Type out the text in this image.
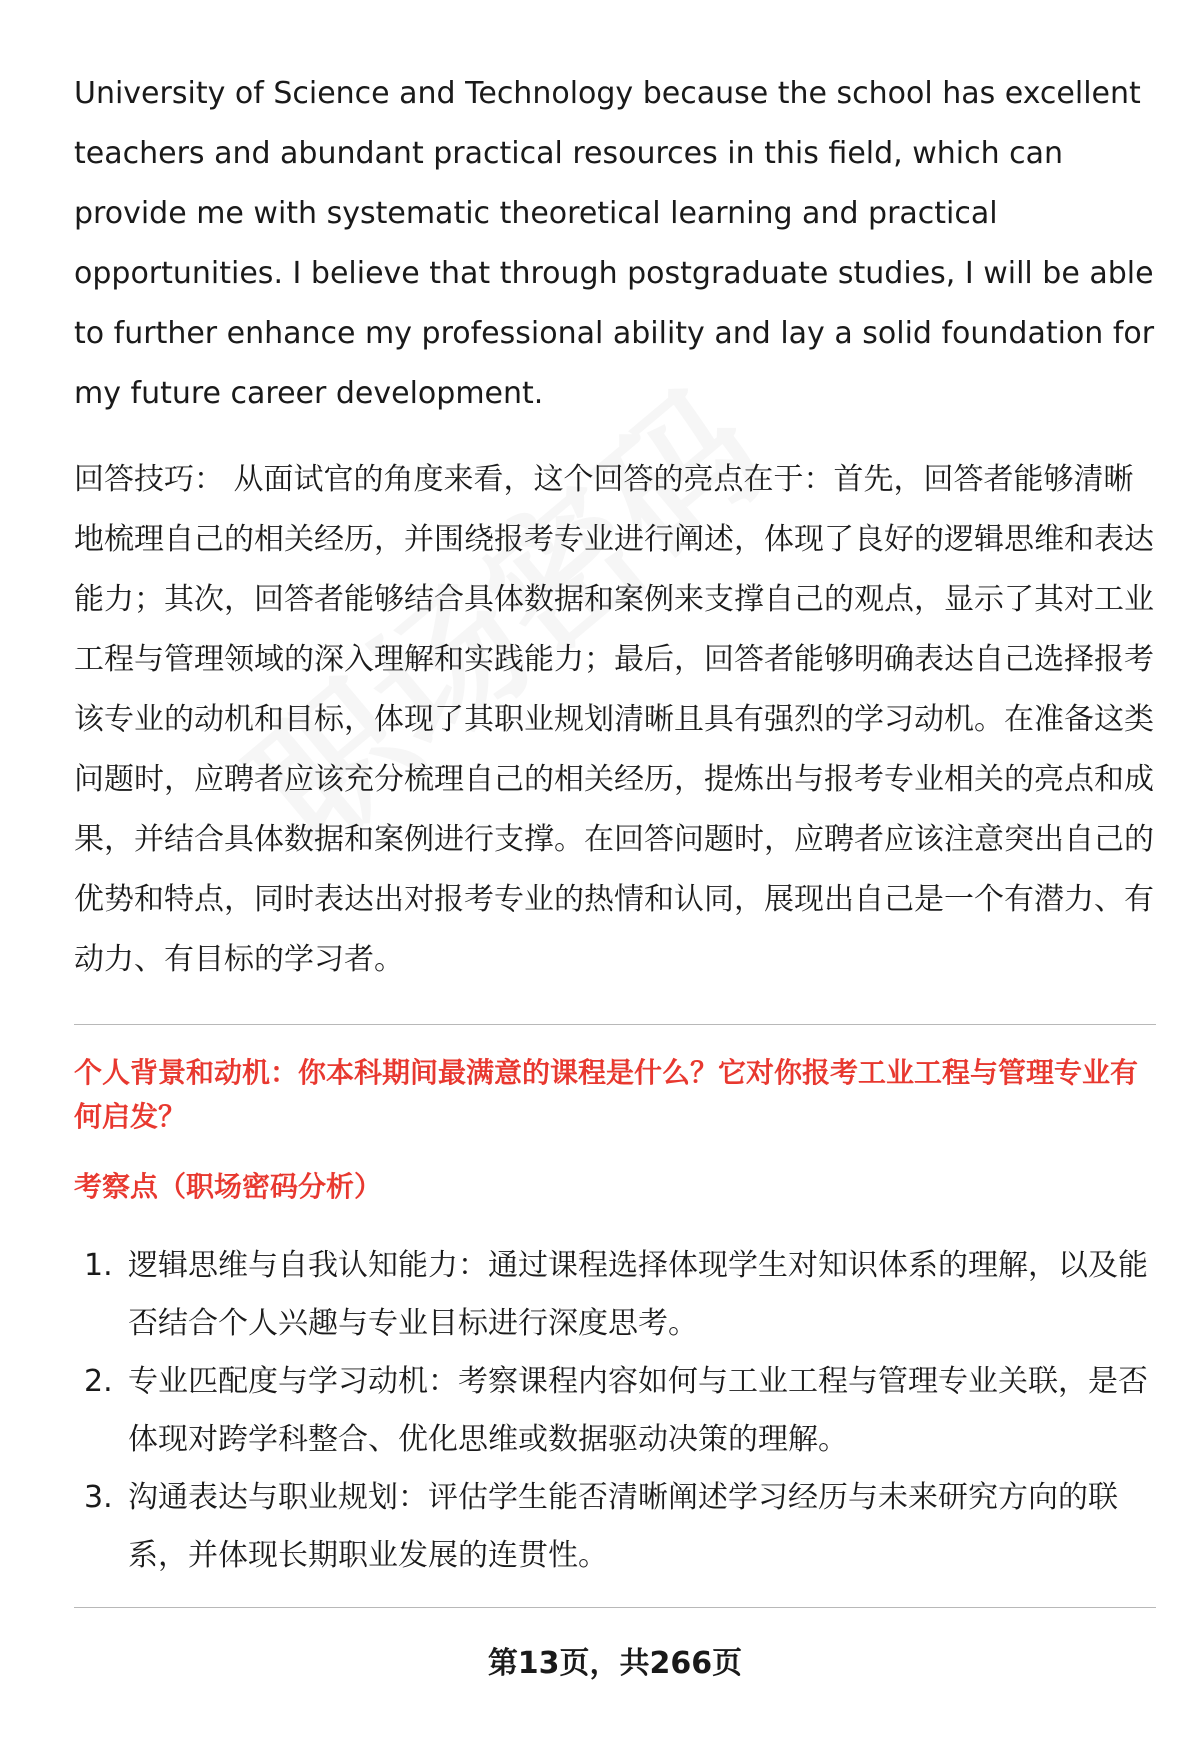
University of Science and Technology because the school has excellent teachers and abundant practical resources in this field, which can provide me with systematic theoretical learning and practical opportunities. I believe that through postgraduate studies, I will be able to further enhance my professional ability and lay a solid foundation for my future career development.

回答技巧： 从面试官的角度来看，这个回答的亮点在于：首先，回答者能够清晰地梳理自己的相关经历，并围绕报考专业进行阐述，体现了良好的逻辑思维和表达能力；其次，回答者能够结合具体数据和案例来支撑自己的观点，显示了其对工业工程与管理领域的深入理解和实践能力；最后，回答者能够明确表达自己选择报考该专业的动机和目标，体现了其职业规划清晰且具有强烈的学习动机。在准备这类问题时，应聘者应该充分梳理自己的相关经历，提炼出与报考专业相关的亮点和成果，并结合具体数据和案例进行支撑。在回答问题时，应聘者应该注意突出自己的优势和特点，同时表达出对报考专业的热情和认同，展现出自己是一个有潜力、有动力、有目标的学习者。

个人背景和动机：你本科期间最满意的课程是什么？它对你报考工业工程与管理专业有何启发？
考察点（职场密码分析）
1. 逻辑思维与自我认知能力：通过课程选择体现学生对知识体系的理解，以及能否结合个人兴趣与专业目标进行深度思考。
2. 专业匹配度与学习动机：考察课程内容如何与工业工程与管理专业关联，是否体现对跨学科整合、优化思维或数据驱动决策的理解。
3. 沟通表达与职业规划：评估学生能否清晰阐述学习经历与未来研究方向的联系，并体现长期职业发展的连贯性。
第13页，共266页
